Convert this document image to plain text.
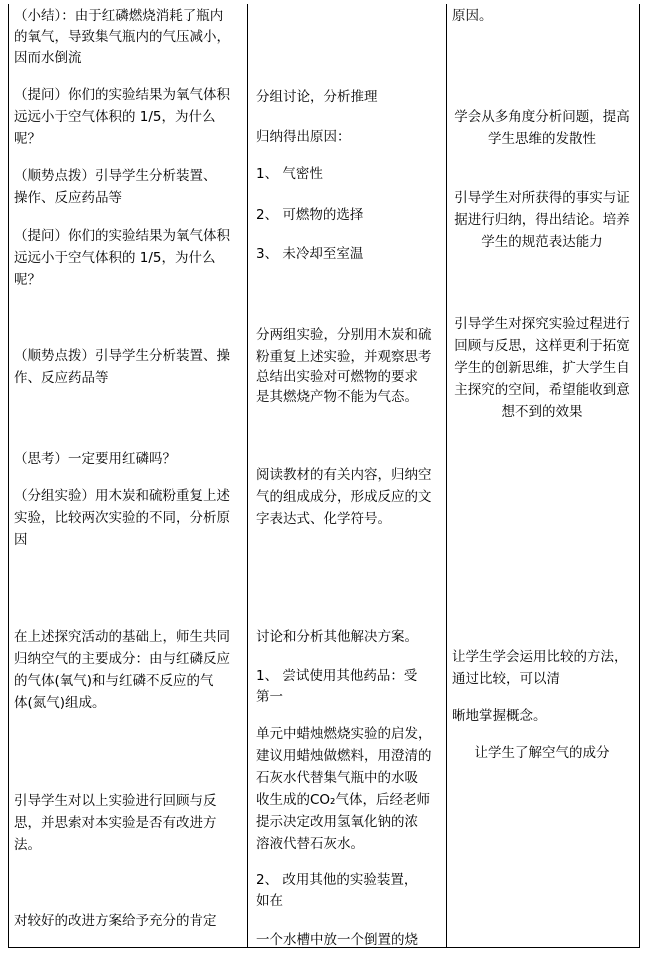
（小结）：由于红磷燃烧消耗了瓶内
的氧气，导致集气瓶内的气压减小，
因而水倒流
（提问）你们的实验结果为氧气体积
远远小于空气体积的 1/5，为什么
呢？
（顺势点拨）引导学生分析装置、
操作、反应药品等
（提问）你们的实验结果为氧气体积
远远小于空气体积的 1/5，为什么
呢？
（顺势点拨）引导学生分析装置、操
作、反应药品等
（思考）一定要用红磷吗？
（分组实验）用木炭和硫粉重复上述
实验，比较两次实验的不同，分析原
因
在上述探究活动的基础上，师生共同
归纳空气的主要成分：由与红磷反应
的气体(氧气)和与红磷不反应的气
体(氮气)组成。
引导学生对以上实验进行回顾与反
思，并思索对本实验是否有改进方
法。
对较好的改进方案给予充分的肯定
分组讨论，分析推理
归纳得出原因：
1、 气密性
2、 可燃物的选择
3、 未冷却至室温
分两组实验，分别用木炭和硫
粉重复上述实验，并观察思考
总结出实验对可燃物的要求
是其燃烧产物不能为气态。
阅读教材的有关内容，归纳空
气的组成成分，形成反应的文
字表达式、化学符号。
讨论和分析其他解决方案。
1、 尝试使用其他药品：受
第一
单元中蜡烛燃烧实验的启发，
建议用蜡烛做燃料，用澄清的
石灰水代替集气瓶中的水吸
收生成的CO₂气体，后经老师
提示决定改用氢氧化钠的浓
溶液代替石灰水。
2、 改用其他的实验装置，
如在
一个水槽中放一个倒置的烧
原因。
学会从多角度分析问题，提高
学生思维的发散性
引导学生对所获得的事实与证
据进行归纳，得出结论。培养
学生的规范表达能力
引导学生对探究实验过程进行
回顾与反思，这样更利于拓宽
学生的创新思维，扩大学生自
主探究的空间，希望能收到意
想不到的效果
让学生学会运用比较的方法，
通过比较，可以清
晰地掌握概念。
让学生了解空气的成分
